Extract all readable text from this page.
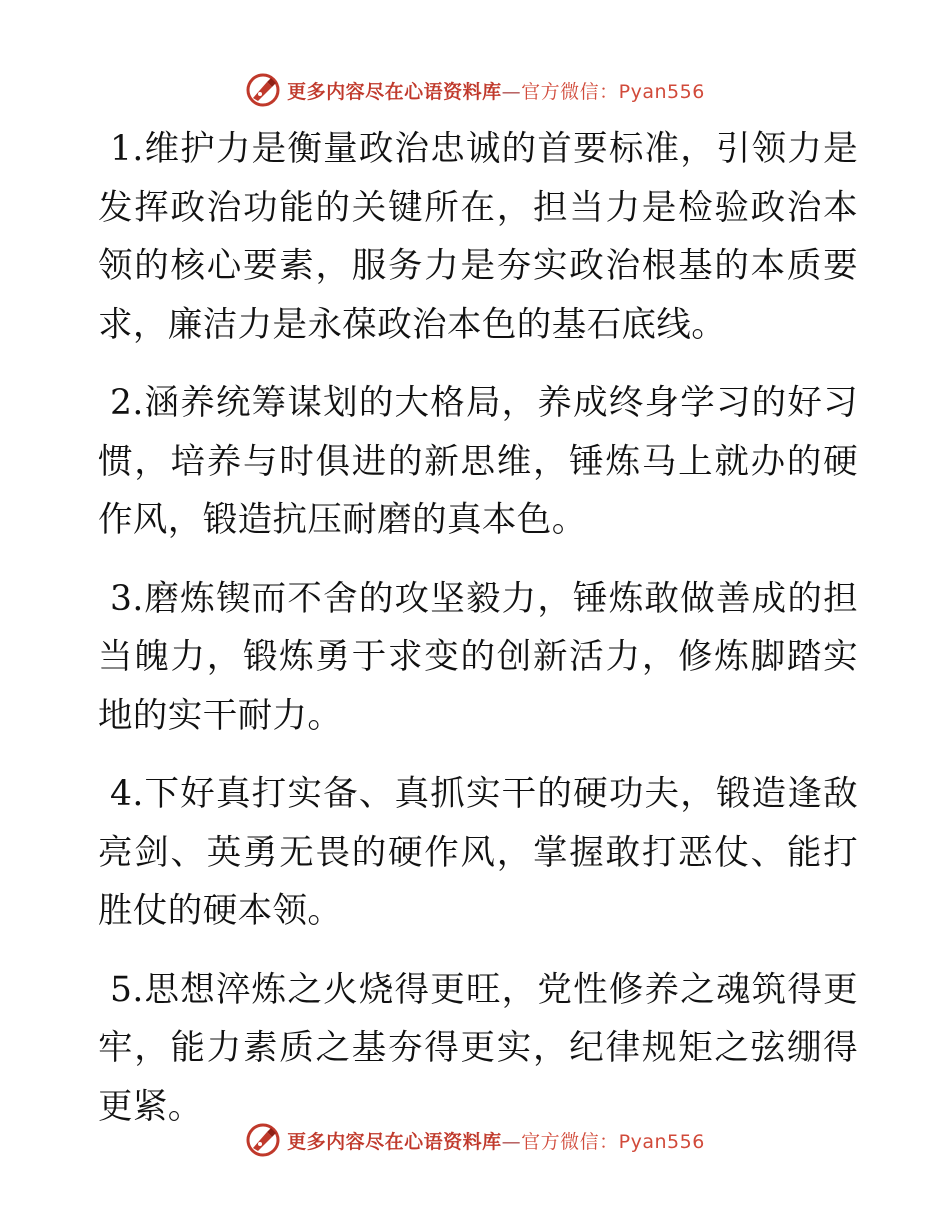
更多内容尽在心语资料库—官方微信：Pyan556

1.维护力是衡量政治忠诚的首要标准，引领力是发挥政治功能的关键所在，担当力是检验政治本领的核心要素，服务力是夯实政治根基的本质要求，廉洁力是永葆政治本色的基石底线。

2.涵养统筹谋划的大格局，养成终身学习的好习惯，培养与时俱进的新思维，锤炼马上就办的硬作风，锻造抗压耐磨的真本色。

3.磨炼锲而不舍的攻坚毅力，锤炼敢做善成的担当魄力，锻炼勇于求变的创新活力，修炼脚踏实地的实干耐力。

4.下好真打实备、真抓实干的硬功夫，锻造逢敌亮剑、英勇无畏的硬作风，掌握敢打恶仗、能打胜仗的硬本领。

5.思想淬炼之火烧得更旺，党性修养之魂筑得更牢，能力素质之基夯得更实，纪律规矩之弦绷得更紧。

更多内容尽在心语资料库—官方微信：Pyan556
